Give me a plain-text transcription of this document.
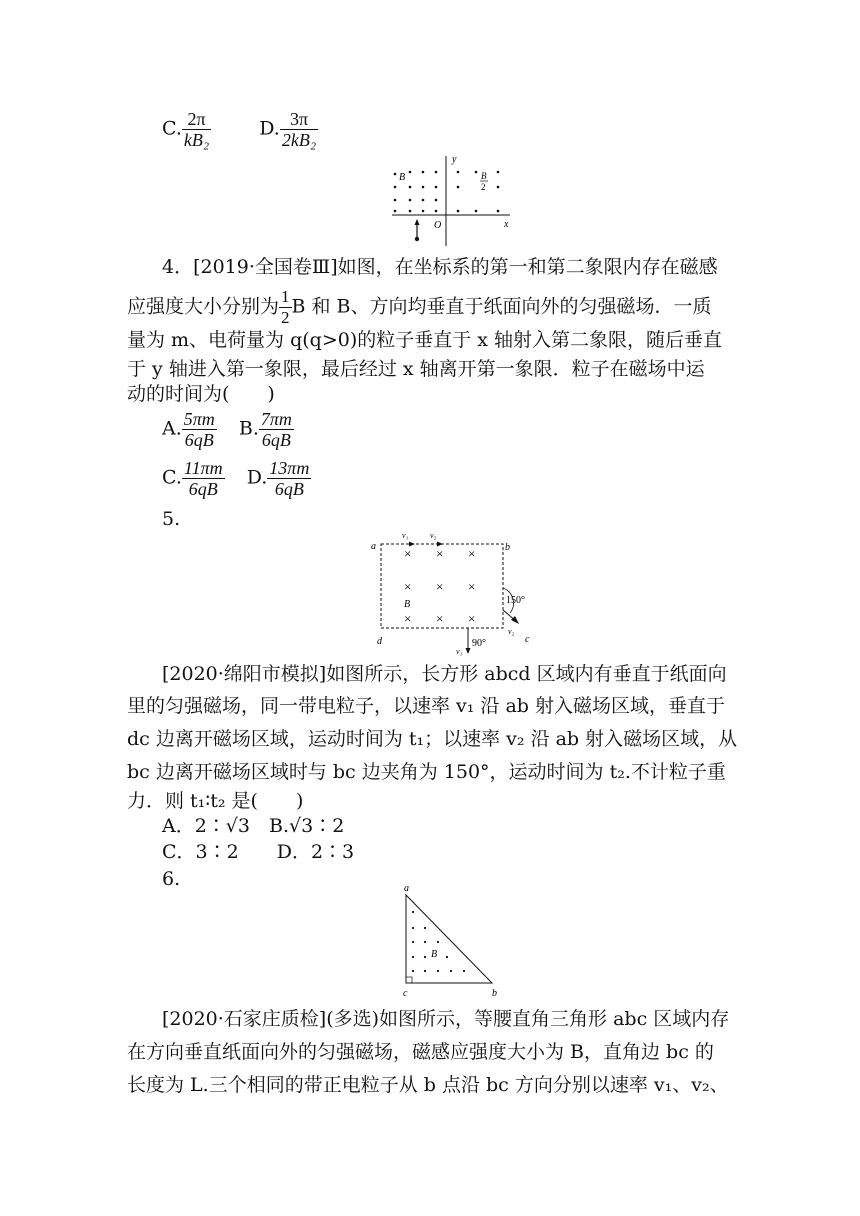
C. $\frac{2\pi}{\text{kB₂}}$	D. $\frac{3\pi}{\text{2kB₂}}$
y
x
O
B	B
2
4．[2019·全国卷Ⅲ]如图，在坐标系的第一和第二象限内存在磁感
应强度大小分别为 $\frac{1}{2}$ B 和 B、方向均垂直于纸面向外的匀强磁场．一质
量为 m、电荷量为 q(q>0)的粒子垂直于 x 轴射入第二象限，随后垂直
于 y 轴进入第一象限，最后经过 x 轴离开第一象限．粒子在磁场中运
动的时间为(　　)
A. $\frac{5\pi m}{6qB} B$. $\frac{7\pi m}{6qB}$
C. $\frac{11\pi m}{6qB} D$. $\frac{13\pi m}{6qB}$
5.
a	b
c
d
v₁	v₂
× × ×
× × ×
× × ×
B	150°
v₂
90°
v₁
[2020·绵阳市模拟]如图所示，长方形 abcd 区域内有垂直于纸面向
里的匀强磁场，同一带电粒子，以速率 v₁ 沿 ab 射入磁场区域，垂直于
dc 边离开磁场区域，运动时间为 t₁；以速率 v₂ 沿 ab 射入磁场区域，从
bc 边离开磁场区域时与 bc 边夹角为 150°，运动时间为 t₂.不计粒子重
力．则 t₁∶t₂ 是(　　)
A．2∶√3　B.√3∶2
C．3∶2　　D．2∶3
6.	a
b
c
B
[2020·石家庄质检](多选)如图所示，等腰直角三角形 abc 区域内存
在方向垂直纸面向外的匀强磁场，磁感应强度大小为 B，直角边 bc 的
长度为 L.三个相同的带正电粒子从 b 点沿 bc 方向分别以速率 v₁、v₂、
